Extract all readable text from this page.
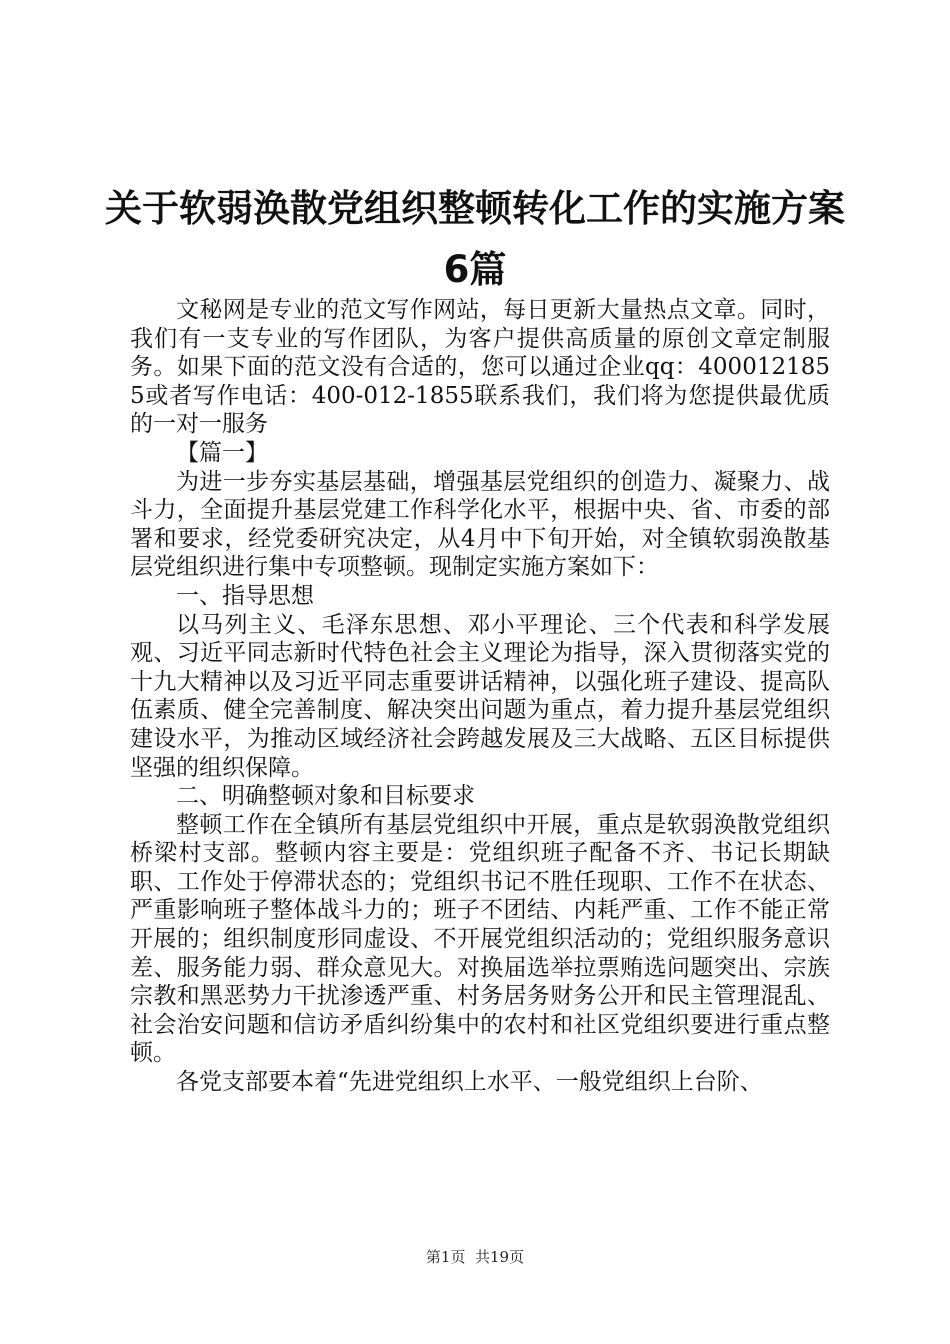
关于软弱涣散党组织整顿转化工作的实施方案
6篇

文秘网是专业的范文写作网站，每日更新大量热点文章。同时，我们有一支专业的写作团队，为客户提供高质量的原创文章定制服务。如果下面的范文没有合适的，您可以通过企业qq：4000121855或者写作电话：400-012-1855联系我们，我们将为您提供最优质的一对一服务

【篇一】

为进一步夯实基层基础，增强基层党组织的创造力、凝聚力、战斗力，全面提升基层党建工作科学化水平，根据中央、省、市委的部署和要求，经党委研究决定，从4月中下旬开始，对全镇软弱涣散基层党组织进行集中专项整顿。现制定实施方案如下：

一、指导思想

以马列主义、毛泽东思想、邓小平理论、三个代表和科学发展观、习近平同志新时代特色社会主义理论为指导，深入贯彻落实党的十九大精神以及习近平同志重要讲话精神，以强化班子建设、提高队伍素质、健全完善制度、解决突出问题为重点，着力提升基层党组织建设水平，为推动区域经济社会跨越发展及三大战略、五区目标提供坚强的组织保障。

二、明确整顿对象和目标要求

整顿工作在全镇所有基层党组织中开展，重点是软弱涣散党组织桥梁村支部。整顿内容主要是：党组织班子配备不齐、书记长期缺职、工作处于停滞状态的；党组织书记不胜任现职、工作不在状态、严重影响班子整体战斗力的；班子不团结、内耗严重、工作不能正常开展的；组织制度形同虚设、不开展党组织活动的；党组织服务意识差、服务能力弱、群众意见大。对换届选举拉票贿选问题突出、宗族宗教和黑恶势力干扰渗透严重、村务居务财务公开和民主管理混乱、社会治安问题和信访矛盾纠纷集中的农村和社区党组织要进行重点整顿。

各党支部要本着“先进党组织上水平、一般党组织上台阶、

第1页  共19页
